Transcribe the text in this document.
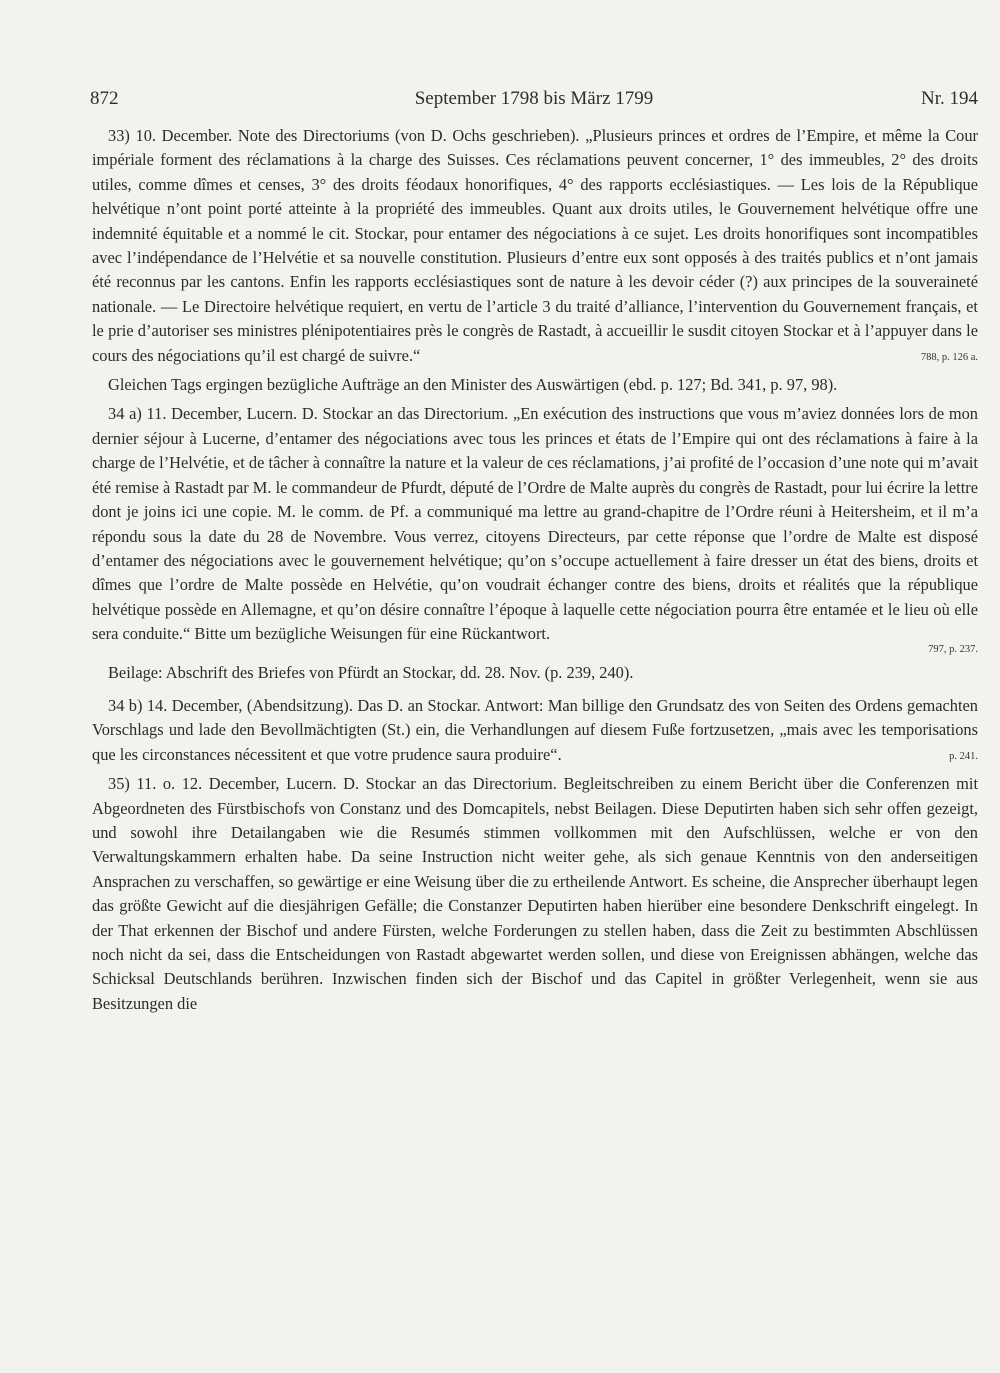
872	September 1798 bis März 1799	Nr. 194

33) 10. December. Note des Directoriums (von D. Ochs geschrieben). „Plusieurs princes et ordres de l’Empire, et même la Cour impériale forment des réclamations à la charge des Suisses. Ces réclamations peuvent concerner, 1° des immeubles, 2° des droits utiles, comme dîmes et censes, 3° des droits féodaux honorifiques, 4° des rapports ecclésiastiques. — Les lois de la République helvétique n’ont point porté atteinte à la propriété des immeubles. Quant aux droits utiles, le Gouvernement helvétique offre une indemnité équitable et a nommé le cit. Stockar, pour entamer des négociations à ce sujet. Les droits honorifiques sont incompatibles avec l’indépendance de l’Helvétie et sa nouvelle constitution. Plusieurs d’entre eux sont opposés à des traités publics et n’ont jamais été reconnus par les cantons. Enfin les rapports ecclésiastiques sont de nature à les devoir céder (?) aux principes de la souveraineté nationale. — Le Directoire helvétique requiert, en vertu de l’article 3 du traité d’alliance, l’intervention du Gouvernement français, et le prie d’autoriser ses ministres plénipotentiaires près le congrès de Rastadt, à accueillir le susdit citoyen Stockar et à l’appuyer dans le cours des négociations qu’il est chargé de suivre.“	788, p. 126 a.

Gleichen Tags ergingen bezügliche Aufträge an den Minister des Auswärtigen (ebd. p. 127; Bd. 341, p. 97, 98).

34 a) 11. December, Lucern. D. Stockar an das Directorium. „En exécution des instructions que vous m’aviez données lors de mon dernier séjour à Lucerne, d’entamer des négociations avec tous les princes et états de l’Empire qui ont des réclamations à faire à la charge de l’Helvétie, et de tâcher à connaître la nature et la valeur de ces réclamations, j’ai profité de l’occasion d’une note qui m’avait été remise à Rastadt par M. le commandeur de Pfurdt, député de l’Ordre de Malte auprès du congrès de Rastadt, pour lui écrire la lettre dont je joins ici une copie. M. le comm. de Pf. a communiqué ma lettre au grand-chapitre de l’Ordre réuni à Heitersheim, et il m’a répondu sous la date du 28 de Novembre. Vous verrez, citoyens Directeurs, par cette réponse que l’ordre de Malte est disposé d’entamer des négociations avec le gouvernement helvétique; qu’on s’occupe actuellement à faire dresser un état des biens, droits et dîmes que l’ordre de Malte possède en Helvétie, qu’on voudrait échanger contre des biens, droits et réalités que la république helvétique possède en Allemagne, et qu’on désire connaître l’époque à laquelle cette négociation pourra être entamée et le lieu où elle sera conduite.“ Bitte um bezügliche Weisungen für eine Rückantwort.
797, p. 237.

Beilage: Abschrift des Briefes von Pfürdt an Stockar, dd. 28. Nov. (p. 239, 240).

34 b) 14. December, (Abendsitzung). Das D. an Stockar. Antwort: Man billige den Grundsatz des von Seiten des Ordens gemachten Vorschlags und lade den Bevollmächtigten (St.) ein, die Verhandlungen auf diesem Fuße fortzusetzen, „mais avec les temporisations que les circonstances nécessitent et que votre prudence saura produire“.	p. 241.

35) 11. o. 12. December, Lucern. D. Stockar an das Directorium. Begleitschreiben zu einem Bericht über die Conferenzen mit Abgeordneten des Fürstbischofs von Constanz und des Domcapitels, nebst Beilagen. Diese Deputirten haben sich sehr offen gezeigt, und sowohl ihre Detailangaben wie die Resumés stimmen vollkommen mit den Aufschlüssen, welche er von den Verwaltungskammern erhalten habe. Da seine Instruction nicht weiter gehe, als sich genaue Kenntnis von den anderseitigen Ansprachen zu verschaffen, so gewärtige er eine Weisung über die zu ertheilende Antwort. Es scheine, die Ansprecher überhaupt legen das größte Gewicht auf die diesjährigen Gefälle; die Constanzer Deputirten haben hierüber eine besondere Denkschrift eingelegt. In der That erkennen der Bischof und andere Fürsten, welche Forderungen zu stellen haben, dass die Zeit zu bestimmten Abschlüssen noch nicht da sei, dass die Entscheidungen von Rastadt abgewartet werden sollen, und diese von Ereignissen abhängen, welche das Schicksal Deutschlands berühren. Inzwischen finden sich der Bischof und das Capitel in größter Verlegenheit, wenn sie aus Besitzungen die
